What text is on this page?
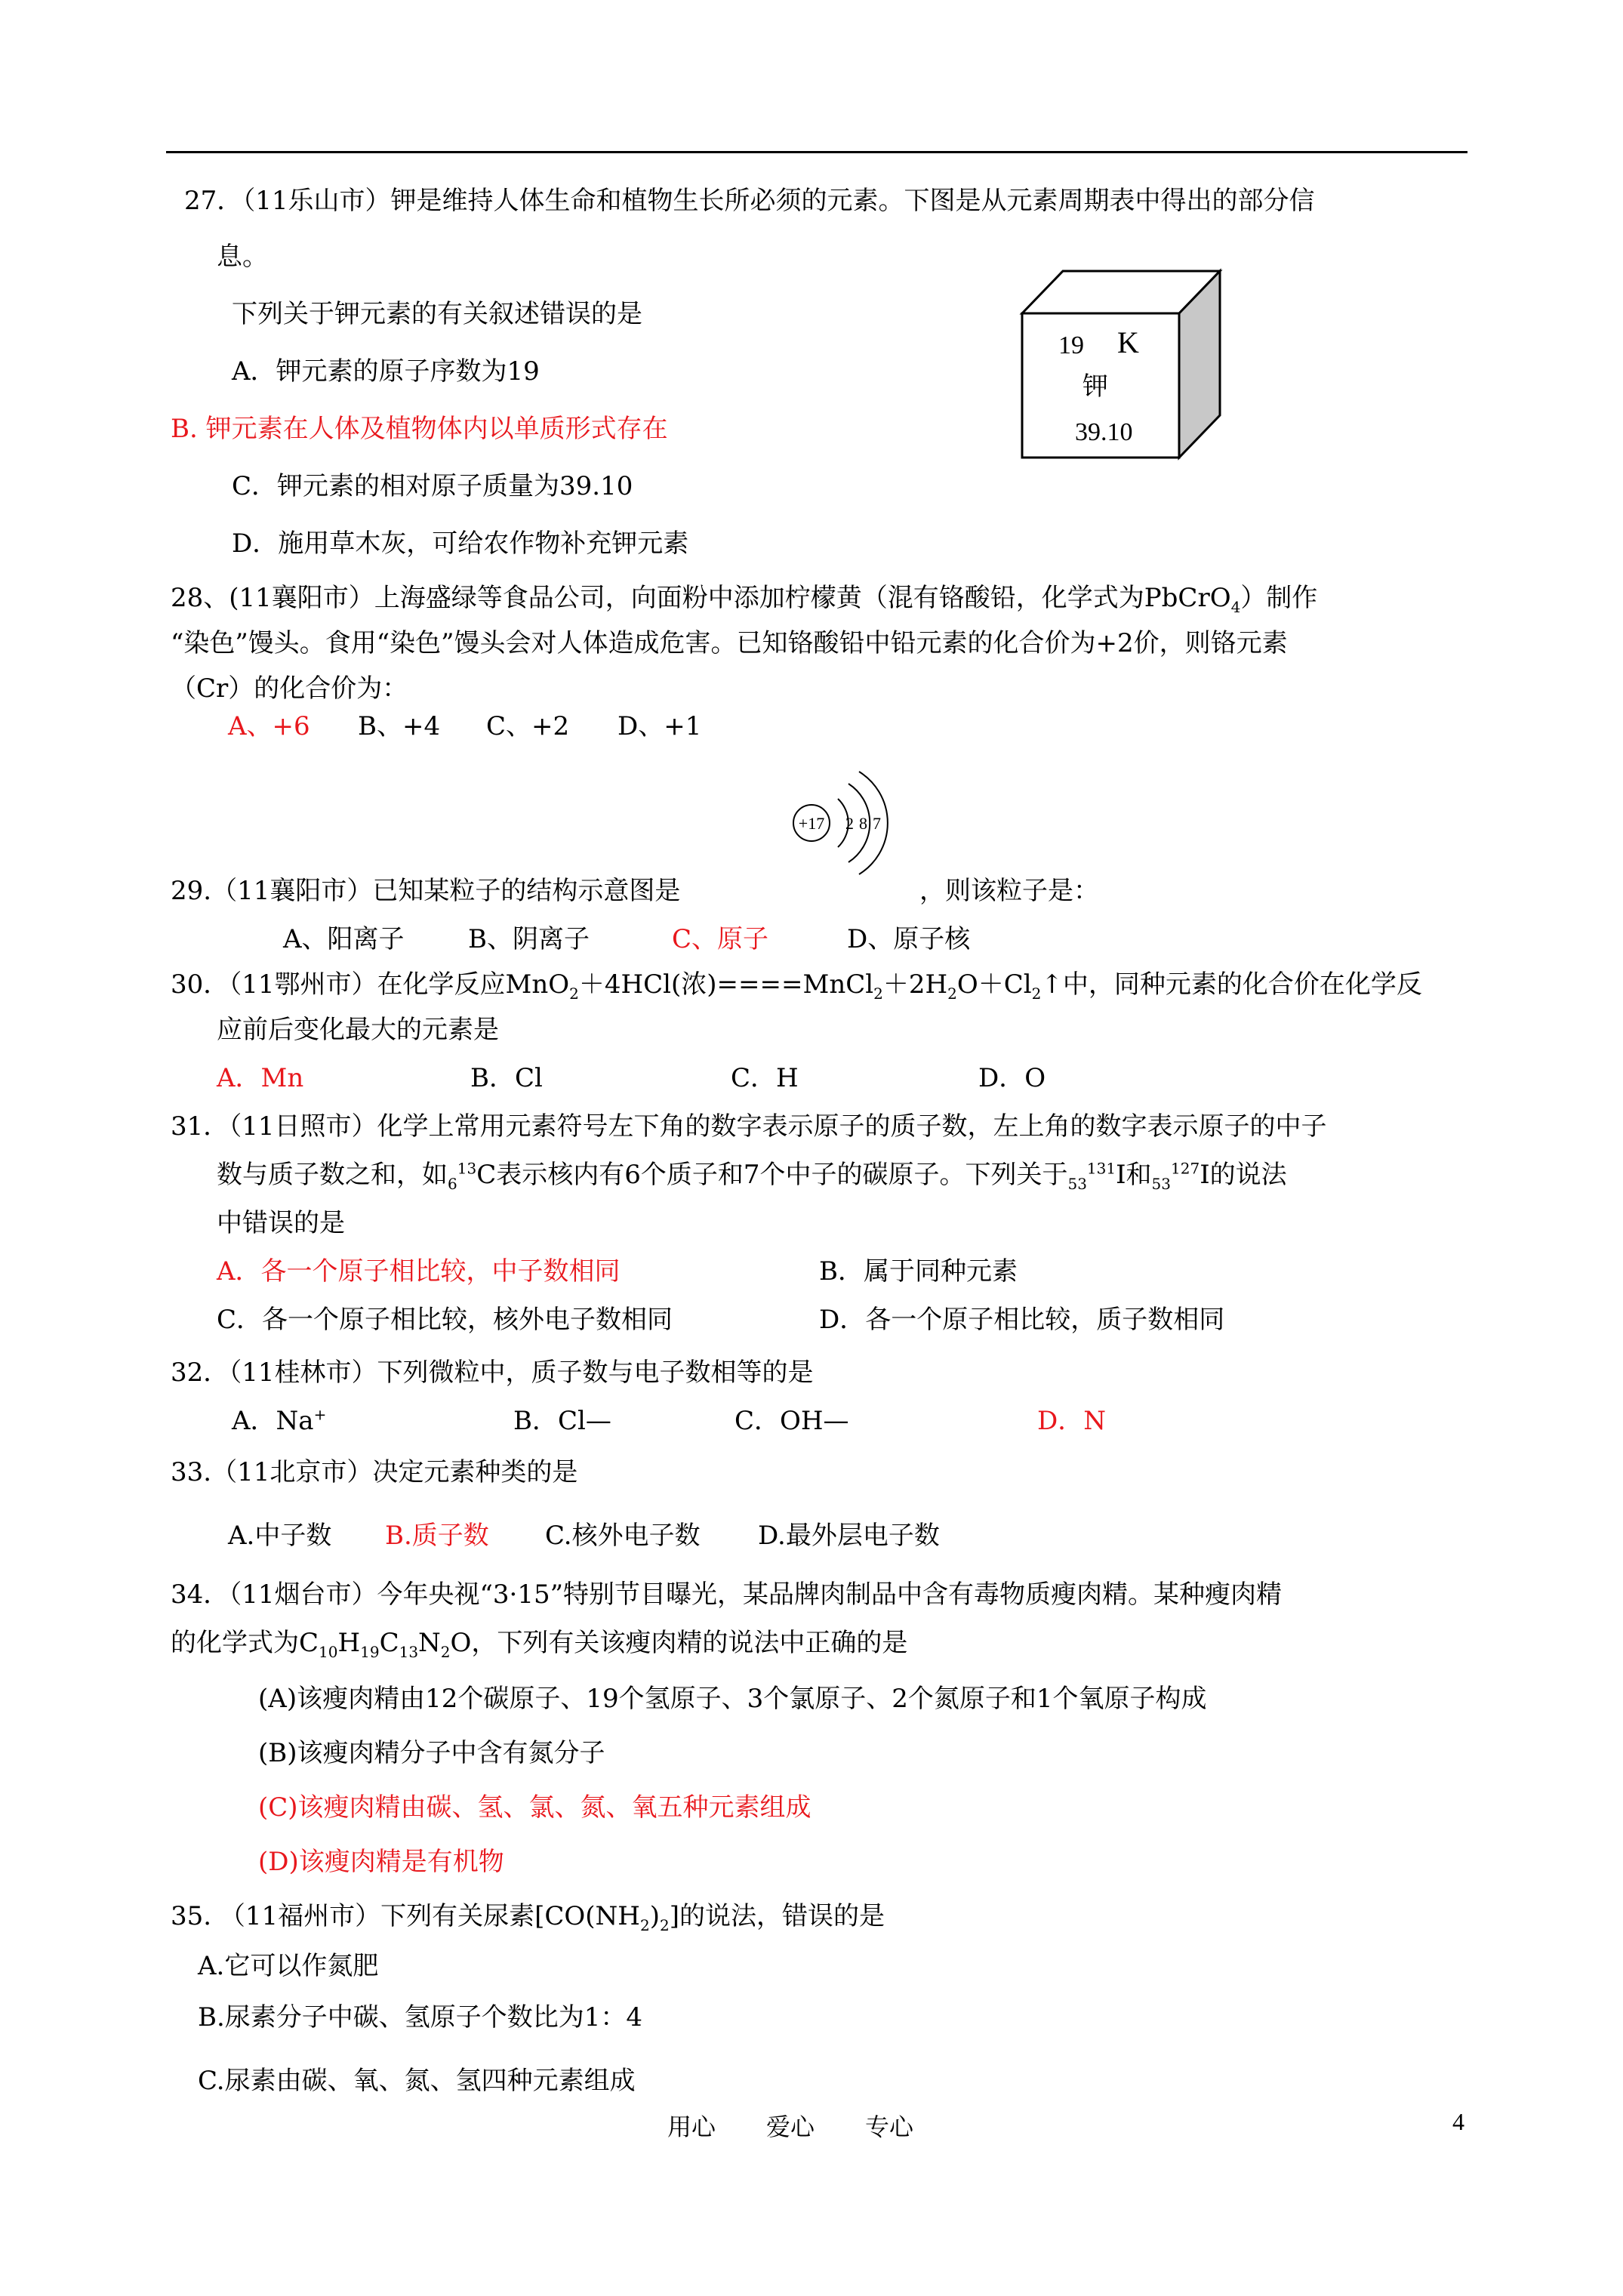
27．（11乐山市）钾是维持人体生命和植物生长所必须的元素。下图是从元素周期表中得出的部分信
息。
下列关于钾元素的有关叙述错误的是
A．钾元素的原子序数为19
B. 钾元素在人体及植物体内以单质形式存在
C．钾元素的相对原子质量为39.10
D．施用草木灰，可给农作物补充钾元素
19 K
钾
39.10
28、(11襄阳市）上海盛绿等食品公司，向面粉中添加柠檬黄（混有铬酸铅，化学式为PbCrO$_4$）制作
“染色”馒头。食用“染色”馒头会对人体造成危害。已知铬酸铅中铅元素的化合价为+2价，则铬元素
（Cr）的化合价为：
A、+6 B、+4 C、+2 D、+1
+17 2 8 7
29.（11襄阳市）已知某粒子的结构示意图是	，则该粒子是：
A、阳离子 B、阴离子	C、原子	D、原子核
30．（11鄂州市）在化学反应MnO$_2$＋4HCl(浓)$====MnCl_2+2H_2O+Cl_2↑$中，同种元素的化合价在化学反
应前后变化最大的元素是
A．Mn	B．Cl	C．H	D．O
31．（11日照市）化学上常用元素符号左下角的数字表示原子的质子数，左上角的数字表示原子的中子
数与质子数之和，如$_6^{13}$C表示核内有6个质子和7个中子的碳原子。下列关于$_{53}^{131}$I和$_{53}^{127}$I的说法
中错误的是
A．各一个原子相比较，中子数相同	B．属于同种元素
C．各一个原子相比较，核外电子数相同	D．各一个原子相比较，质子数相同
32．（11桂林市）下列微粒中，质子数与电子数相等的是
A．Na+	B．Cl—	C．OH—	D．N
33.（11北京市）决定元素种类的是
A.中子数 B.质子数 C.核外电子数 D.最外层电子数
34．（11烟台市）今年央视“3·15”特别节目曝光，某品牌肉制品中含有毒物质瘦肉精。某种瘦肉精
的化学式为$C_{10}H_{19}C_{13}N_2O$，下列有关该瘦肉精的说法中正确的是
(A)该瘦肉精由12个碳原子、19个氢原子、3个氯原子、2个氮原子和1个氧原子构成
(B)该瘦肉精分子中含有氮分子
(C)该瘦肉精由碳、氢、氯、氮、氧五种元素组成
(D)该瘦肉精是有机物
35. （11福州市）下列有关尿素$[CO(NH_2)_2]$的说法，错误的是
A.它可以作氮肥
B.尿素分子中碳、氢原子个数比为1：4
C.尿素由碳、氧、氮、氢四种元素组成
用心 爱心 专心	4
